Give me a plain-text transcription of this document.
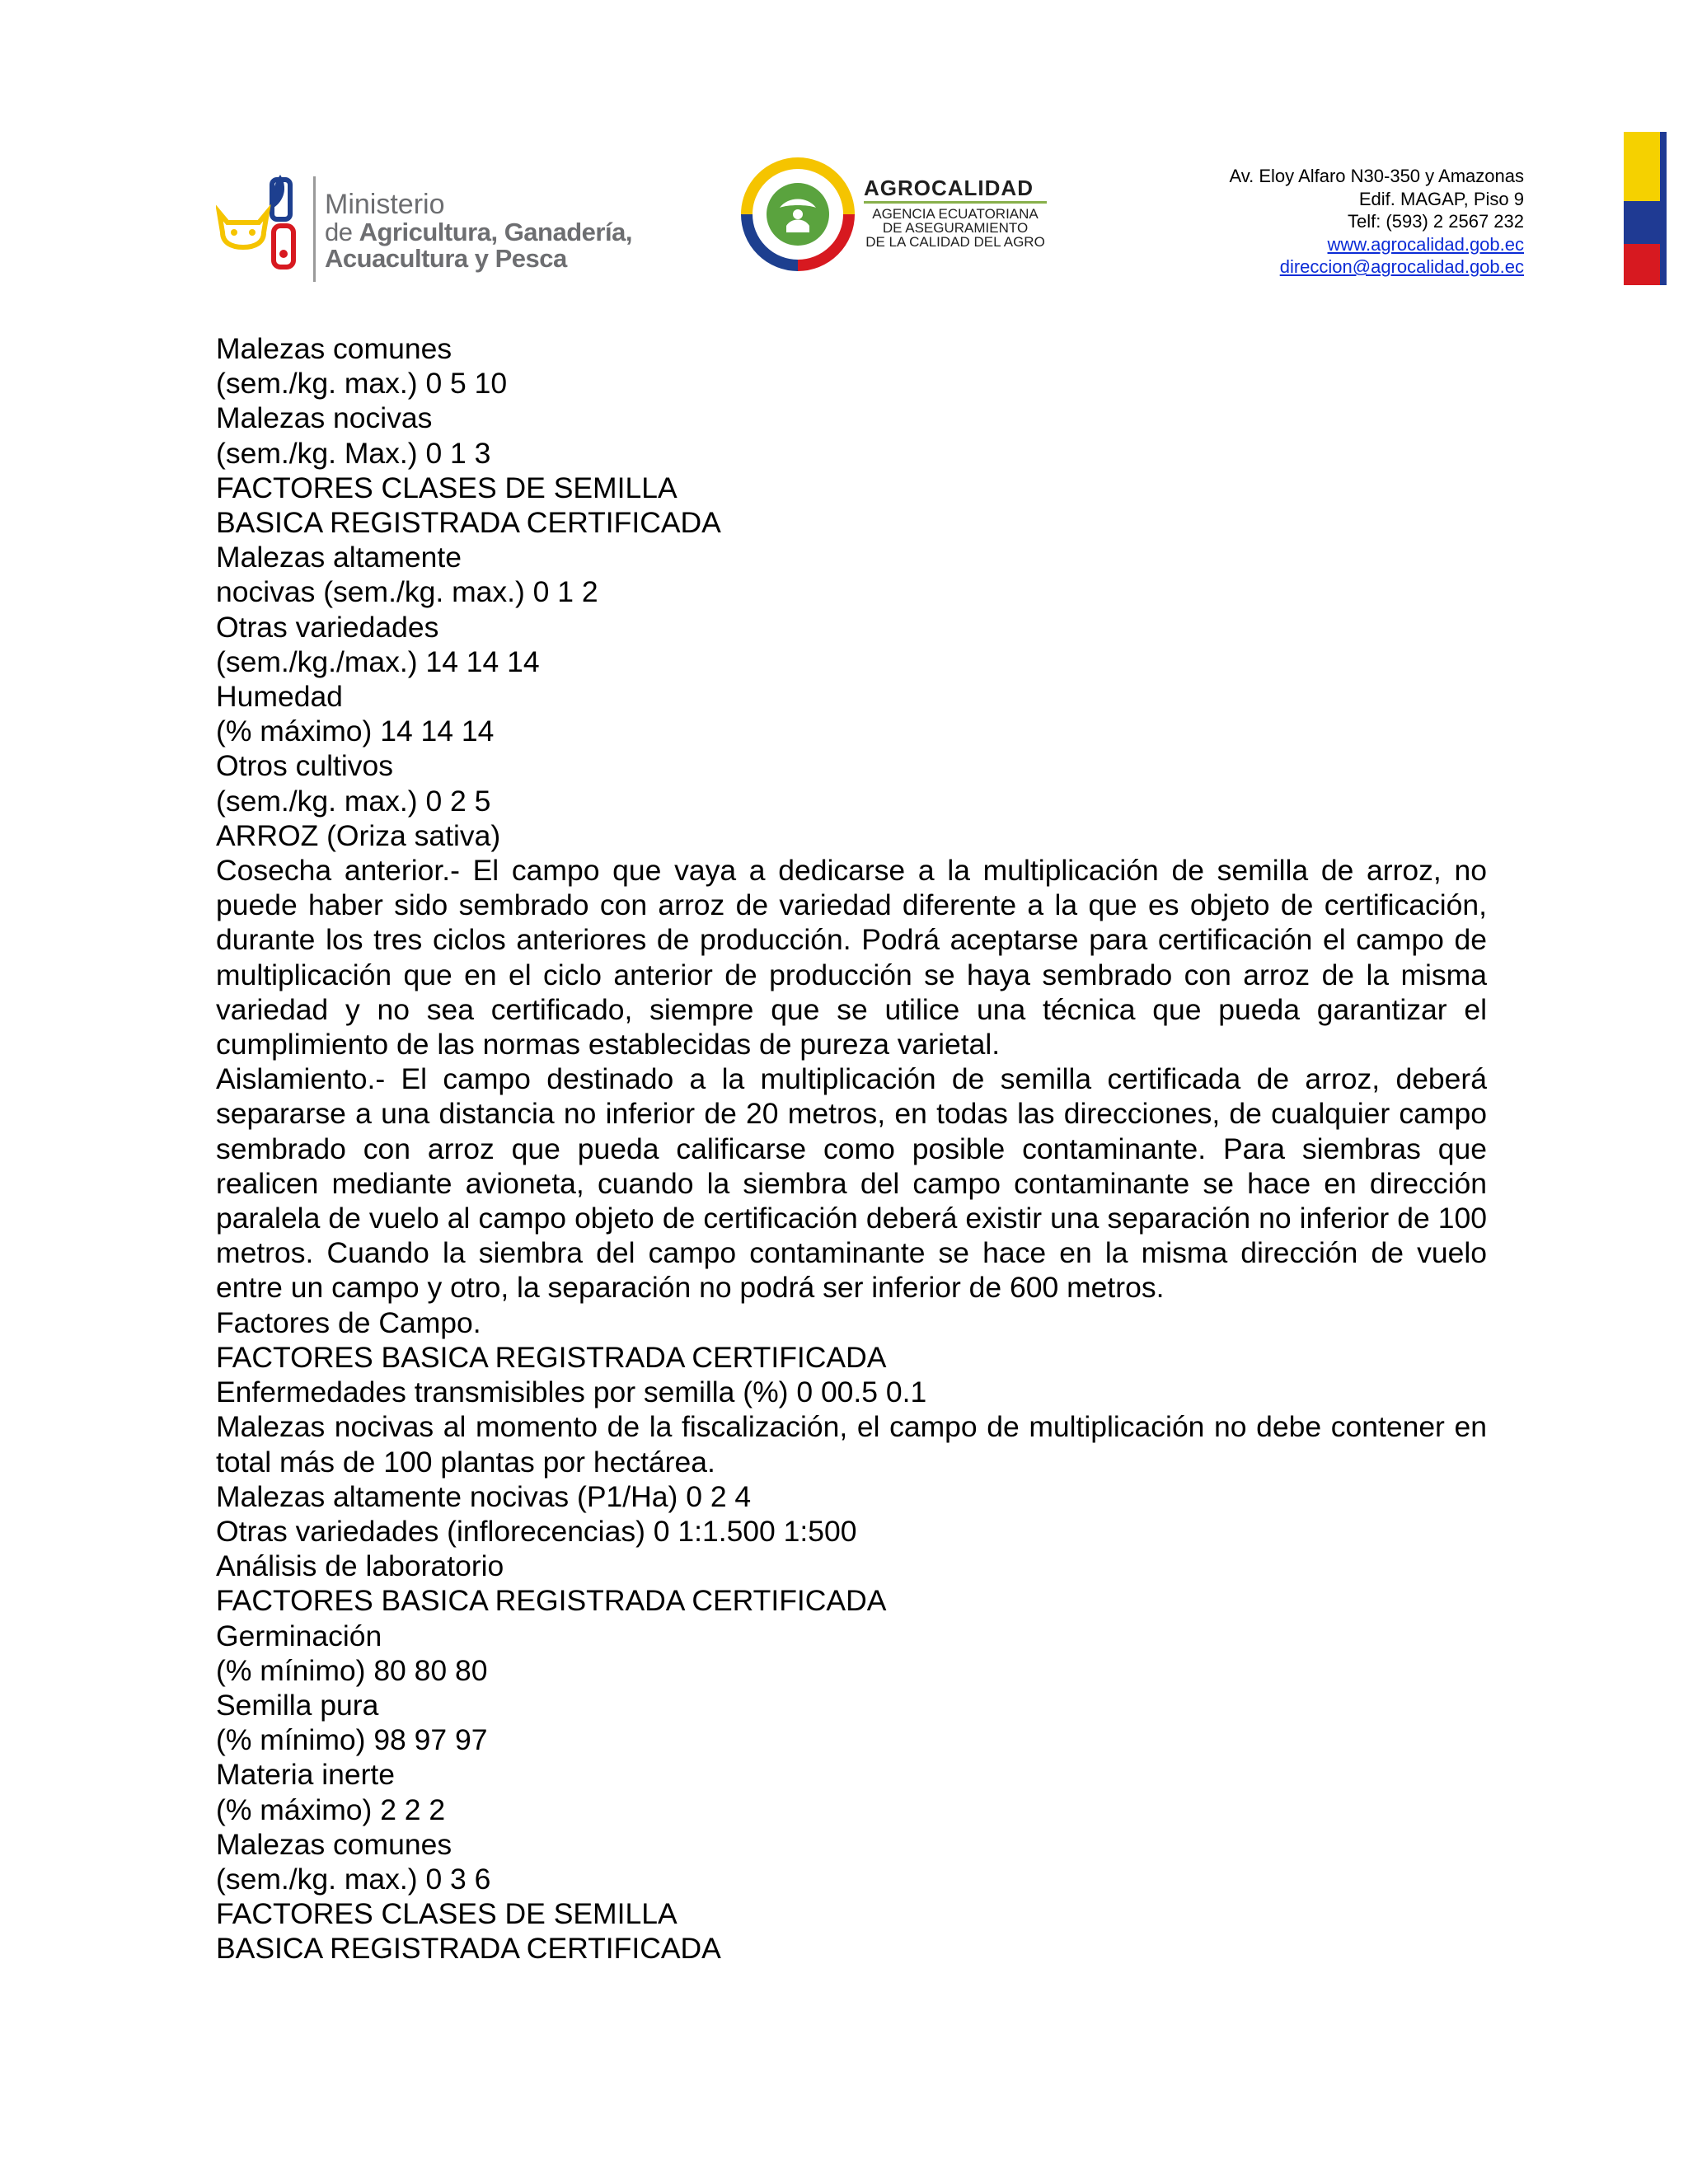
Ministerio
de Agricultura, Ganadería,
Acuacultura y Pesca
AGROCALIDAD
AGENCIA ECUATORIANA
DE ASEGURAMIENTO
DE LA CALIDAD DEL AGRO
Av. Eloy Alfaro N30-350 y Amazonas
Edif. MAGAP, Piso 9
Telf: (593) 2 2567 232
www.agrocalidad.gob.ec
direccion@agrocalidad.gob.ec

Malezas comunes

(sem./kg. max.) 0 5 10

Malezas nocivas

(sem./kg. Max.) 0 1 3

FACTORES CLASES DE SEMILLA

BASICA REGISTRADA CERTIFICADA

Malezas altamente

nocivas (sem./kg. max.) 0 1 2

Otras variedades

(sem./kg./max.) 14 14 14

Humedad

(% máximo) 14 14 14

Otros cultivos

(sem./kg. max.) 0 2 5

ARROZ (Oriza sativa)

Cosecha anterior.- El campo que vaya a dedicarse a la multiplicación de semilla de arroz, no puede haber sido sembrado con arroz de variedad diferente a la que es objeto de certificación, durante los tres ciclos anteriores de producción. Podrá aceptarse para certificación el campo de multiplicación que en el ciclo anterior de producción se haya sembrado con arroz de la misma variedad y no sea certificado, siempre que se utilice una técnica que pueda garantizar el cumplimiento de las normas establecidas de pureza varietal.

Aislamiento.- El campo destinado a la multiplicación de semilla certificada de arroz, deberá separarse a una distancia no inferior de 20 metros, en todas las direcciones, de cualquier campo sembrado con arroz que pueda calificarse como posible contaminante. Para siembras que realicen mediante avioneta, cuando la siembra del campo contaminante se hace en dirección paralela de vuelo al campo objeto de certificación deberá existir una separación no inferior de 100 metros. Cuando la siembra del campo contaminante se hace en la misma dirección de vuelo entre un campo y otro, la separación no podrá ser inferior de 600 metros.

Factores de Campo.

FACTORES BASICA REGISTRADA CERTIFICADA

Enfermedades transmisibles por semilla (%) 0 00.5 0.1

Malezas nocivas al momento de la fiscalización, el campo de multiplicación no debe contener en total más de 100 plantas por hectárea.

Malezas altamente nocivas (P1/Ha) 0 2 4

Otras variedades (inflorecencias) 0 1:1.500 1:500

Análisis de laboratorio

FACTORES BASICA REGISTRADA CERTIFICADA

Germinación

(% mínimo) 80 80 80

Semilla pura

(% mínimo) 98 97 97

Materia inerte

(% máximo) 2 2 2

Malezas comunes

(sem./kg. max.) 0 3 6

FACTORES CLASES DE SEMILLA

BASICA REGISTRADA CERTIFICADA
